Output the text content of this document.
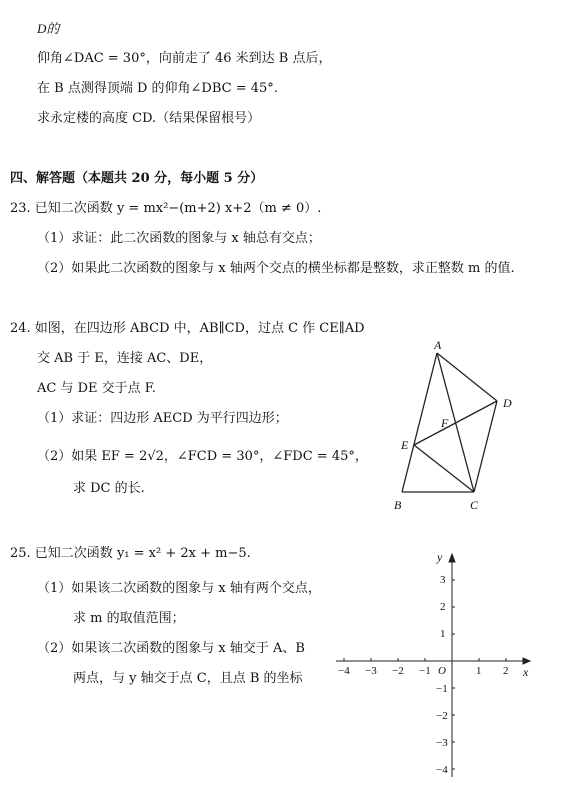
D的
仰角∠DAC = 30°，向前走了 46 米到达 B 点后，
在 B 点测得顶端 D 的仰角∠DBC = 45°.
求永定楼的高度 CD.（结果保留根号）
四、解答题（本题共 20 分，每小题 5 分）
23. 已知二次函数 y = mx²−(m+2) x+2（m ≠ 0）.
（1）求证：此二次函数的图象与 x 轴总有交点；
（2）如果此二次函数的图象与 x 轴两个交点的横坐标都是整数，求正整数 m 的值.
24. 如图，在四边形 ABCD 中，AB∥CD，过点 C 作 CE∥AD
交 AB 于 E，连接 AC、DE，
AC 与 DE 交于点 F.
（1）求证：四边形 AECD 为平行四边形；
（2）如果 EF = 2√2，∠FCD = 30°，∠FDC = 45°，
求 DC 的长.
A
D
C
B
E
F
25. 已知二次函数 y₁ = x² + 2x + m−5.
（1）如果该二次函数的图象与 x 轴有两个交点，
求 m 的取值范围；
（2）如果该二次函数的图象与 x 轴交于 A、B
两点，与 y 轴交于点 C，且点 B 的坐标	−4 −3 −2 −1	1 2
3
2
1
−1
−2
−3
−4
O	x
y
